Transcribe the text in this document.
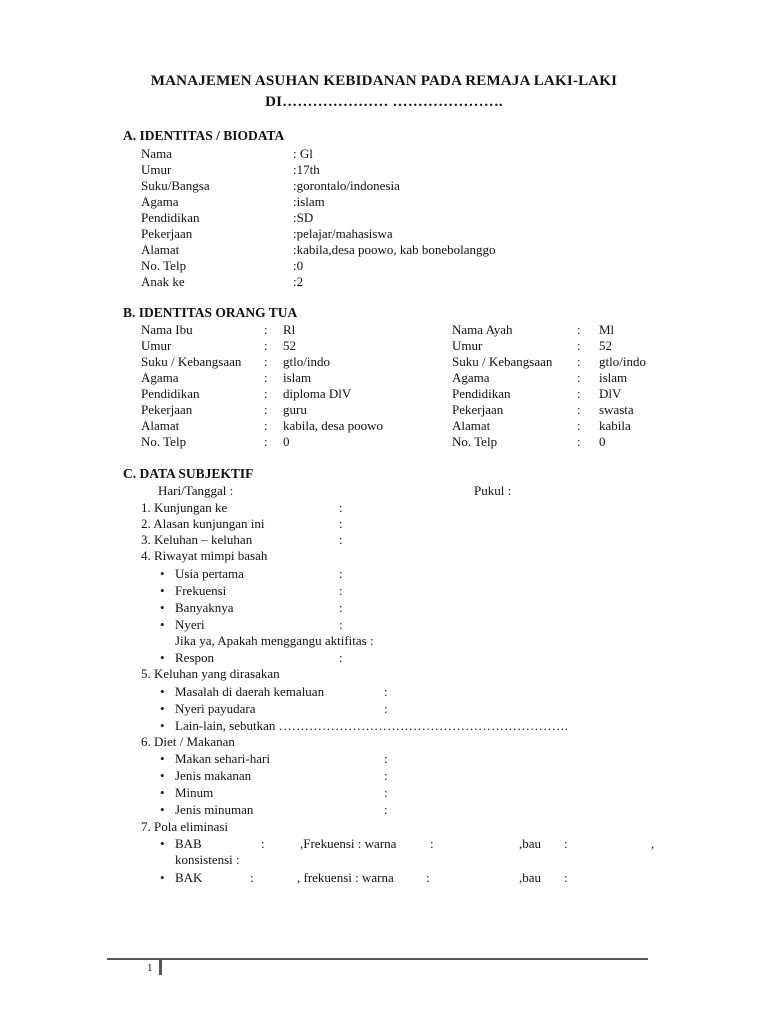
MANAJEMEN ASUHAN KEBIDANAN PADA REMAJA LAKI-LAKI
DI………………… ………………….
A. IDENTITAS / BIODATA
Nama	: Gl
Umur	:17th
Suku/Bangsa	:gorontalo/indonesia
Agama	:islam
Pendidikan	:SD
Pekerjaan	:pelajar/mahasiswa
Alamat	:kabila,desa poowo, kab bonebolanggo
No. Telp	:0
Anak ke	:2
B. IDENTITAS ORANG TUA
Nama Ibu	: Rl	Nama Ayah	: Ml
Umur	: 52	Umur	: 52
Suku / Kebangsaan : gtlo/indo	Suku / Kebangsaan : gtlo/indo
Agama	: islam	Agama	: islam
Pendidikan	: diploma DlV	Pendidikan	: DlV
Pekerjaan	: guru	Pekerjaan	: swasta
Alamat	: kabila, desa poowo	Alamat	: kabila
No. Telp	: 0	No. Telp	: 0
C. DATA SUBJEKTIF
Hari/Tanggal :	Pukul :
1. Kunjungan ke	:
2. Alasan kunjungan ini	:
3. Keluhan – keluhan	:
4. Riwayat mimpi basah
• Usia pertama	:
• Frekuensi	:
• Banyaknya	:
• Nyeri	:
Jika ya, Apakah menggangu aktifitas :
• Respon	:
5. Keluhan yang dirasakan
• Masalah di daerah kemaluan	:
• Nyeri payudara	:
• Lain-lain, sebutkan ………………………………………………………….
6. Diet / Makanan
• Makan sehari-hari	:
• Jenis makanan	:
• Minum	:
• Jenis minuman	:
7. Pola eliminasi
• BAB	:	,Frekuensi : warna	:	,bau :	,
konsistensi :
• BAK	:	, frekuensi : warna :	,bau :
1
